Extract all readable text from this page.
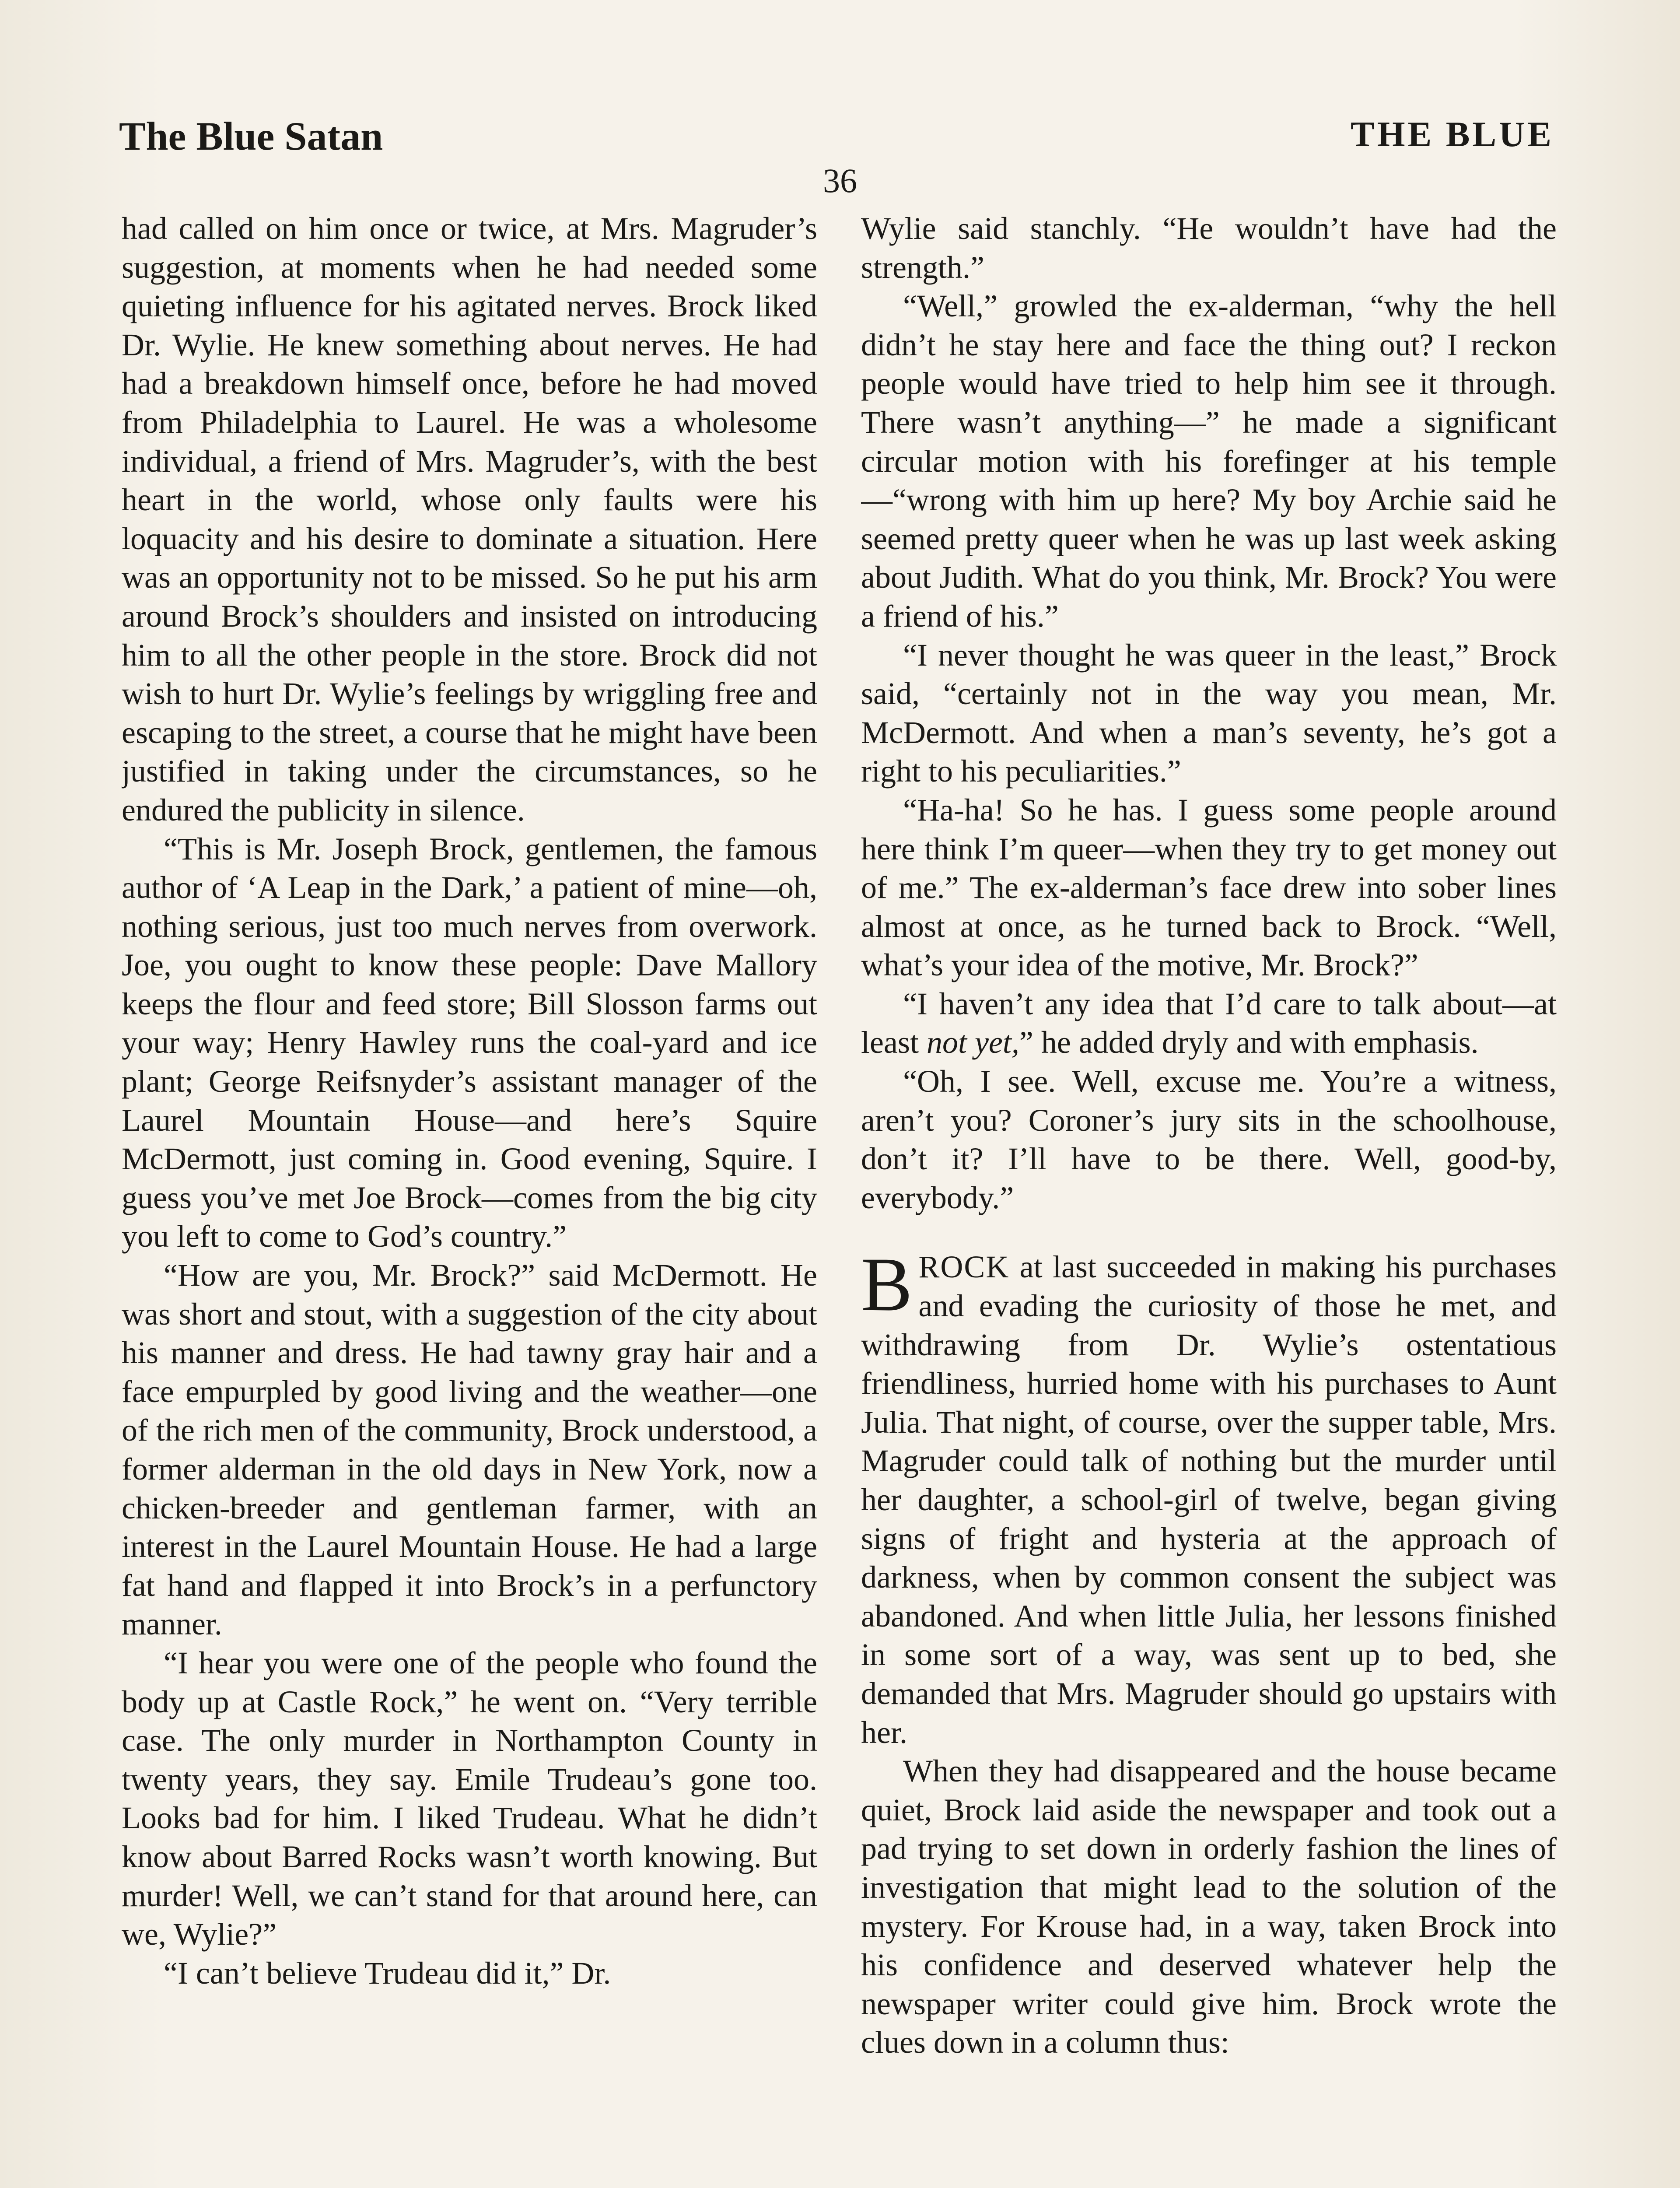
The Blue Satan	THE BLUE
36

had called on him once or twice, at Mrs. Magruder’s suggestion, at moments when he had needed some quieting influence for his agitated nerves. Brock liked Dr. Wylie. He knew something about nerves. He had had a breakdown himself once, before he had moved from Philadelphia to Laurel. He was a wholesome individual, a friend of Mrs. Magruder’s, with the best heart in the world, whose only faults were his loquacity and his desire to dominate a situation. Here was an opportunity not to be missed. So he put his arm around Brock’s shoulders and insisted on introducing him to all the other people in the store. Brock did not wish to hurt Dr. Wylie’s feelings by wriggling free and escaping to the street, a course that he might have been justified in taking under the circumstances, so he endured the publicity in silence.

“This is Mr. Joseph Brock, gentlemen, the famous author of ‘A Leap in the Dark,’ a patient of mine—oh, nothing serious, just too much nerves from overwork. Joe, you ought to know these people: Dave Mallory keeps the flour and feed store; Bill Slosson farms out your way; Henry Hawley runs the coal-yard and ice plant; George Reifsnyder’s assistant manager of the Laurel Mountain House—and here’s Squire McDermott, just coming in. Good evening, Squire. I guess you’ve met Joe Brock—comes from the big city you left to come to God’s country.”

“How are you, Mr. Brock?” said McDermott. He was short and stout, with a suggestion of the city about his manner and dress. He had tawny gray hair and a face empurpled by good living and the weather—one of the rich men of the community, Brock understood, a former alderman in the old days in New York, now a chicken-breeder and gentleman farmer, with an interest in the Laurel Mountain House. He had a large fat hand and flapped it into Brock’s in a perfunctory manner.

“I hear you were one of the people who found the body up at Castle Rock,” he went on. “Very terrible case. The only murder in Northampton County in twenty years, they say. Emile Trudeau’s gone too. Looks bad for him. I liked Trudeau. What he didn’t know about Barred Rocks wasn’t worth knowing. But murder! Well, we can’t stand for that around here, can we, Wylie?”

“I can’t believe Trudeau did it,” Dr.

Wylie said stanchly. “He wouldn’t have had the strength.”

“Well,” growled the ex-alderman, “why the hell didn’t he stay here and face the thing out? I reckon people would have tried to help him see it through. There wasn’t anything—” he made a significant circular motion with his forefinger at his temple—“wrong with him up here? My boy Archie said he seemed pretty queer when he was up last week asking about Judith. What do you think, Mr. Brock? You were a friend of his.”

“I never thought he was queer in the least,” Brock said, “certainly not in the way you mean, Mr. McDermott. And when a man’s seventy, he’s got a right to his peculiarities.”

“Ha-ha! So he has. I guess some people around here think I’m queer—when they try to get money out of me.” The ex-alderman’s face drew into sober lines almost at once, as he turned back to Brock. “Well, what’s your idea of the motive, Mr. Brock?”

“I haven’t any idea that I’d care to talk about—at least not yet,” he added dryly and with emphasis.

“Oh, I see. Well, excuse me. You’re a witness, aren’t you? Coroner’s jury sits in the schoolhouse, don’t it? I’ll have to be there. Well, good-by, everybody.”

BROCK at last succeeded in making his purchases and evading the curiosity of those he met, and withdrawing from Dr. Wylie’s ostentatious friendliness, hurried home with his purchases to Aunt Julia. That night, of course, over the supper table, Mrs. Magruder could talk of nothing but the murder until her daughter, a school-girl of twelve, began giving signs of fright and hysteria at the approach of darkness, when by common consent the subject was abandoned. And when little Julia, her lessons finished in some sort of a way, was sent up to bed, she demanded that Mrs. Magruder should go upstairs with her.

When they had disappeared and the house became quiet, Brock laid aside the newspaper and took out a pad trying to set down in orderly fashion the lines of investigation that might lead to the solution of the mystery. For Krouse had, in a way, taken Brock into his confidence and deserved whatever help the newspaper writer could give him. Brock wrote the clues down in a column thus:
